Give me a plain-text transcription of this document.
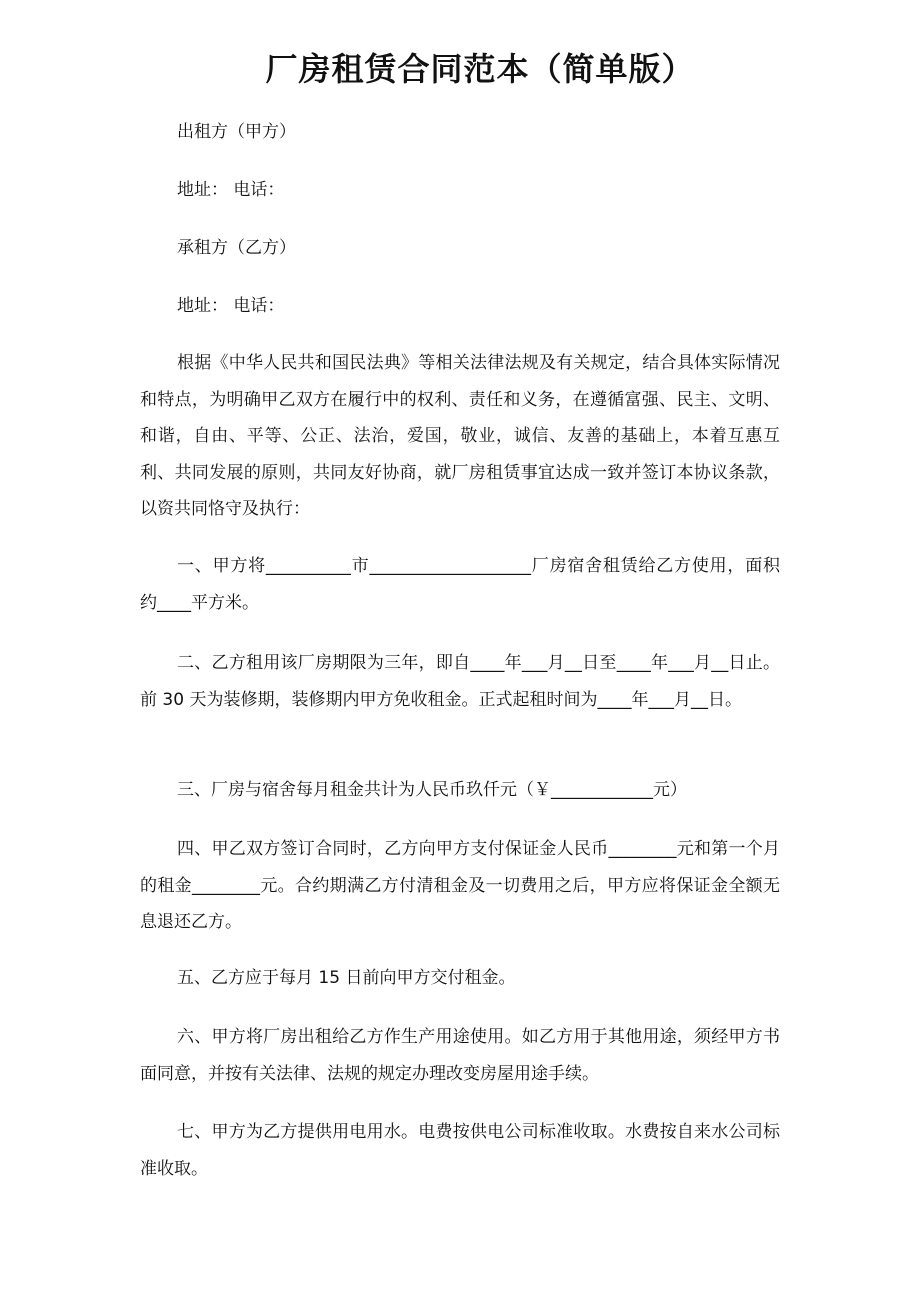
厂房租赁合同范本（简单版）
出租方（甲方）
地址： 电话：
承租方（乙方）
地址： 电话：

根据《中华人民共和国民法典》等相关法律法规及有关规定，结合具体实际情况和特点，为明确甲乙双方在履行中的权利、责任和义务，在遵循富强、民主、文明、和谐，自由、平等、公正、法治，爱国，敬业，诚信、友善的基础上，本着互惠互利、共同发展的原则，共同友好协商，就厂房租赁事宜达成一致并签订本协议条款，以资共同恪守及执行：

一、甲方将__________市___________________厂房宿舍租赁给乙方使用，面积约____平方米。

二、乙方租用该厂房期限为三年，即自____年___月__日至____年___月__日止。前 30 天为装修期，装修期内甲方免收租金。正式起租时间为____年___月__日。

三、厂房与宿舍每月租金共计为人民币玖仟元（￥____________元）

四、甲乙双方签订合同时，乙方向甲方支付保证金人民币________元和第一个月的租金________元。合约期满乙方付清租金及一切费用之后，甲方应将保证金全额无息退还乙方。

五、乙方应于每月 15 日前向甲方交付租金。

六、甲方将厂房出租给乙方作生产用途使用。如乙方用于其他用途，须经甲方书面同意，并按有关法律、法规的规定办理改变房屋用途手续。

七、甲方为乙方提供用电用水。电费按供电公司标准收取。水费按自来水公司标准收取。
